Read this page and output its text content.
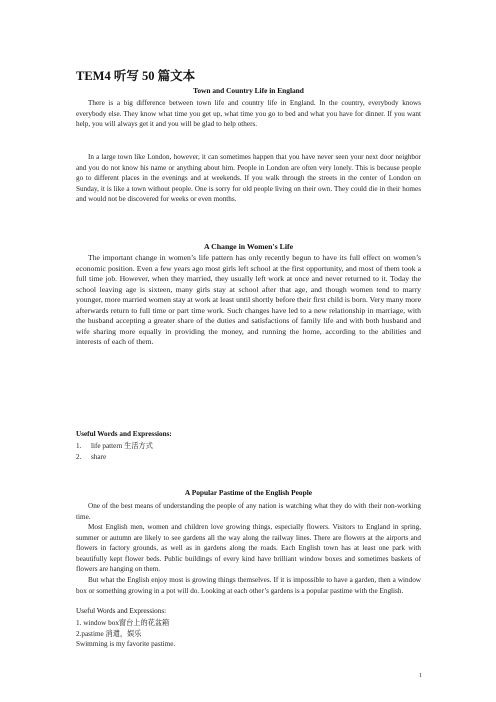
TEM4 听写 50 篇文本
Town and Country Life in England

There is a big difference between town life and country life in England. In the country, everybody knows everybody else. They know what time you get up, what time you go to bed and what you have for dinner. If you want help, you will always get it and you will be glad to help others.

In a large town like London, however, it can sometimes happen that you have never seen your next door neighbor and you do not know his name or anything about him. People in London are often very lonely. This is because people go to different places in the evenings and at weekends. If you walk through the streets in the center of London on Sunday, it is like a town without people. One is sorry for old people living on their own. They could die in their homes and would not be discovered for weeks or even months.

A Change in Women's Life

The important change in women’s life pattern has only recently begun to have its full effect on women’s economic position. Even a few years ago most girls left school at the first opportunity, and most of them took a full time job. However, when they married, they usually left work at once and never returned to it. Today the school leaving age is sixteen, many girls stay at school after that age, and though women tend to marry younger, more married women stay at work at least until shortly before their first child is born. Very many more afterwards return to full time or part time work. Such changes have led to a new relationship in marriage, with the husband accepting a greater share of the duties and satisfactions of family life and with both husband and wife sharing more equally in providing the money, and running the home, according to the abilities and interests of each of them.

Useful Words and Expressions:
1. life pattern 生活方式
2. share
A Popular Pastime of the English People

One of the best means of understanding the people of any nation is watching what they do with their non-working time.

Most English men, women and children love growing things, especially flowers. Visitors to England in spring, summer or autumn are likely to see gardens all the way along the railway lines. There are flowers at the airports and flowers in factory grounds, as well as in gardens along the roads. Each English town has at least one park with beautifully kept flower beds. Public buildings of every kind have brilliant window boxes and sometimes baskets of flowers are hanging on them.

But what the English enjoy most is growing things themselves. If it is impossible to have a garden, then a window box or something growing in a pot will do. Looking at each other’s gardens is a popular pastime with the English.

Useful Words and Expressions:
1. window box窗台上的花盆箱
2.pastime 消遣，娱乐
Swimming is my favorite pastime.
1
